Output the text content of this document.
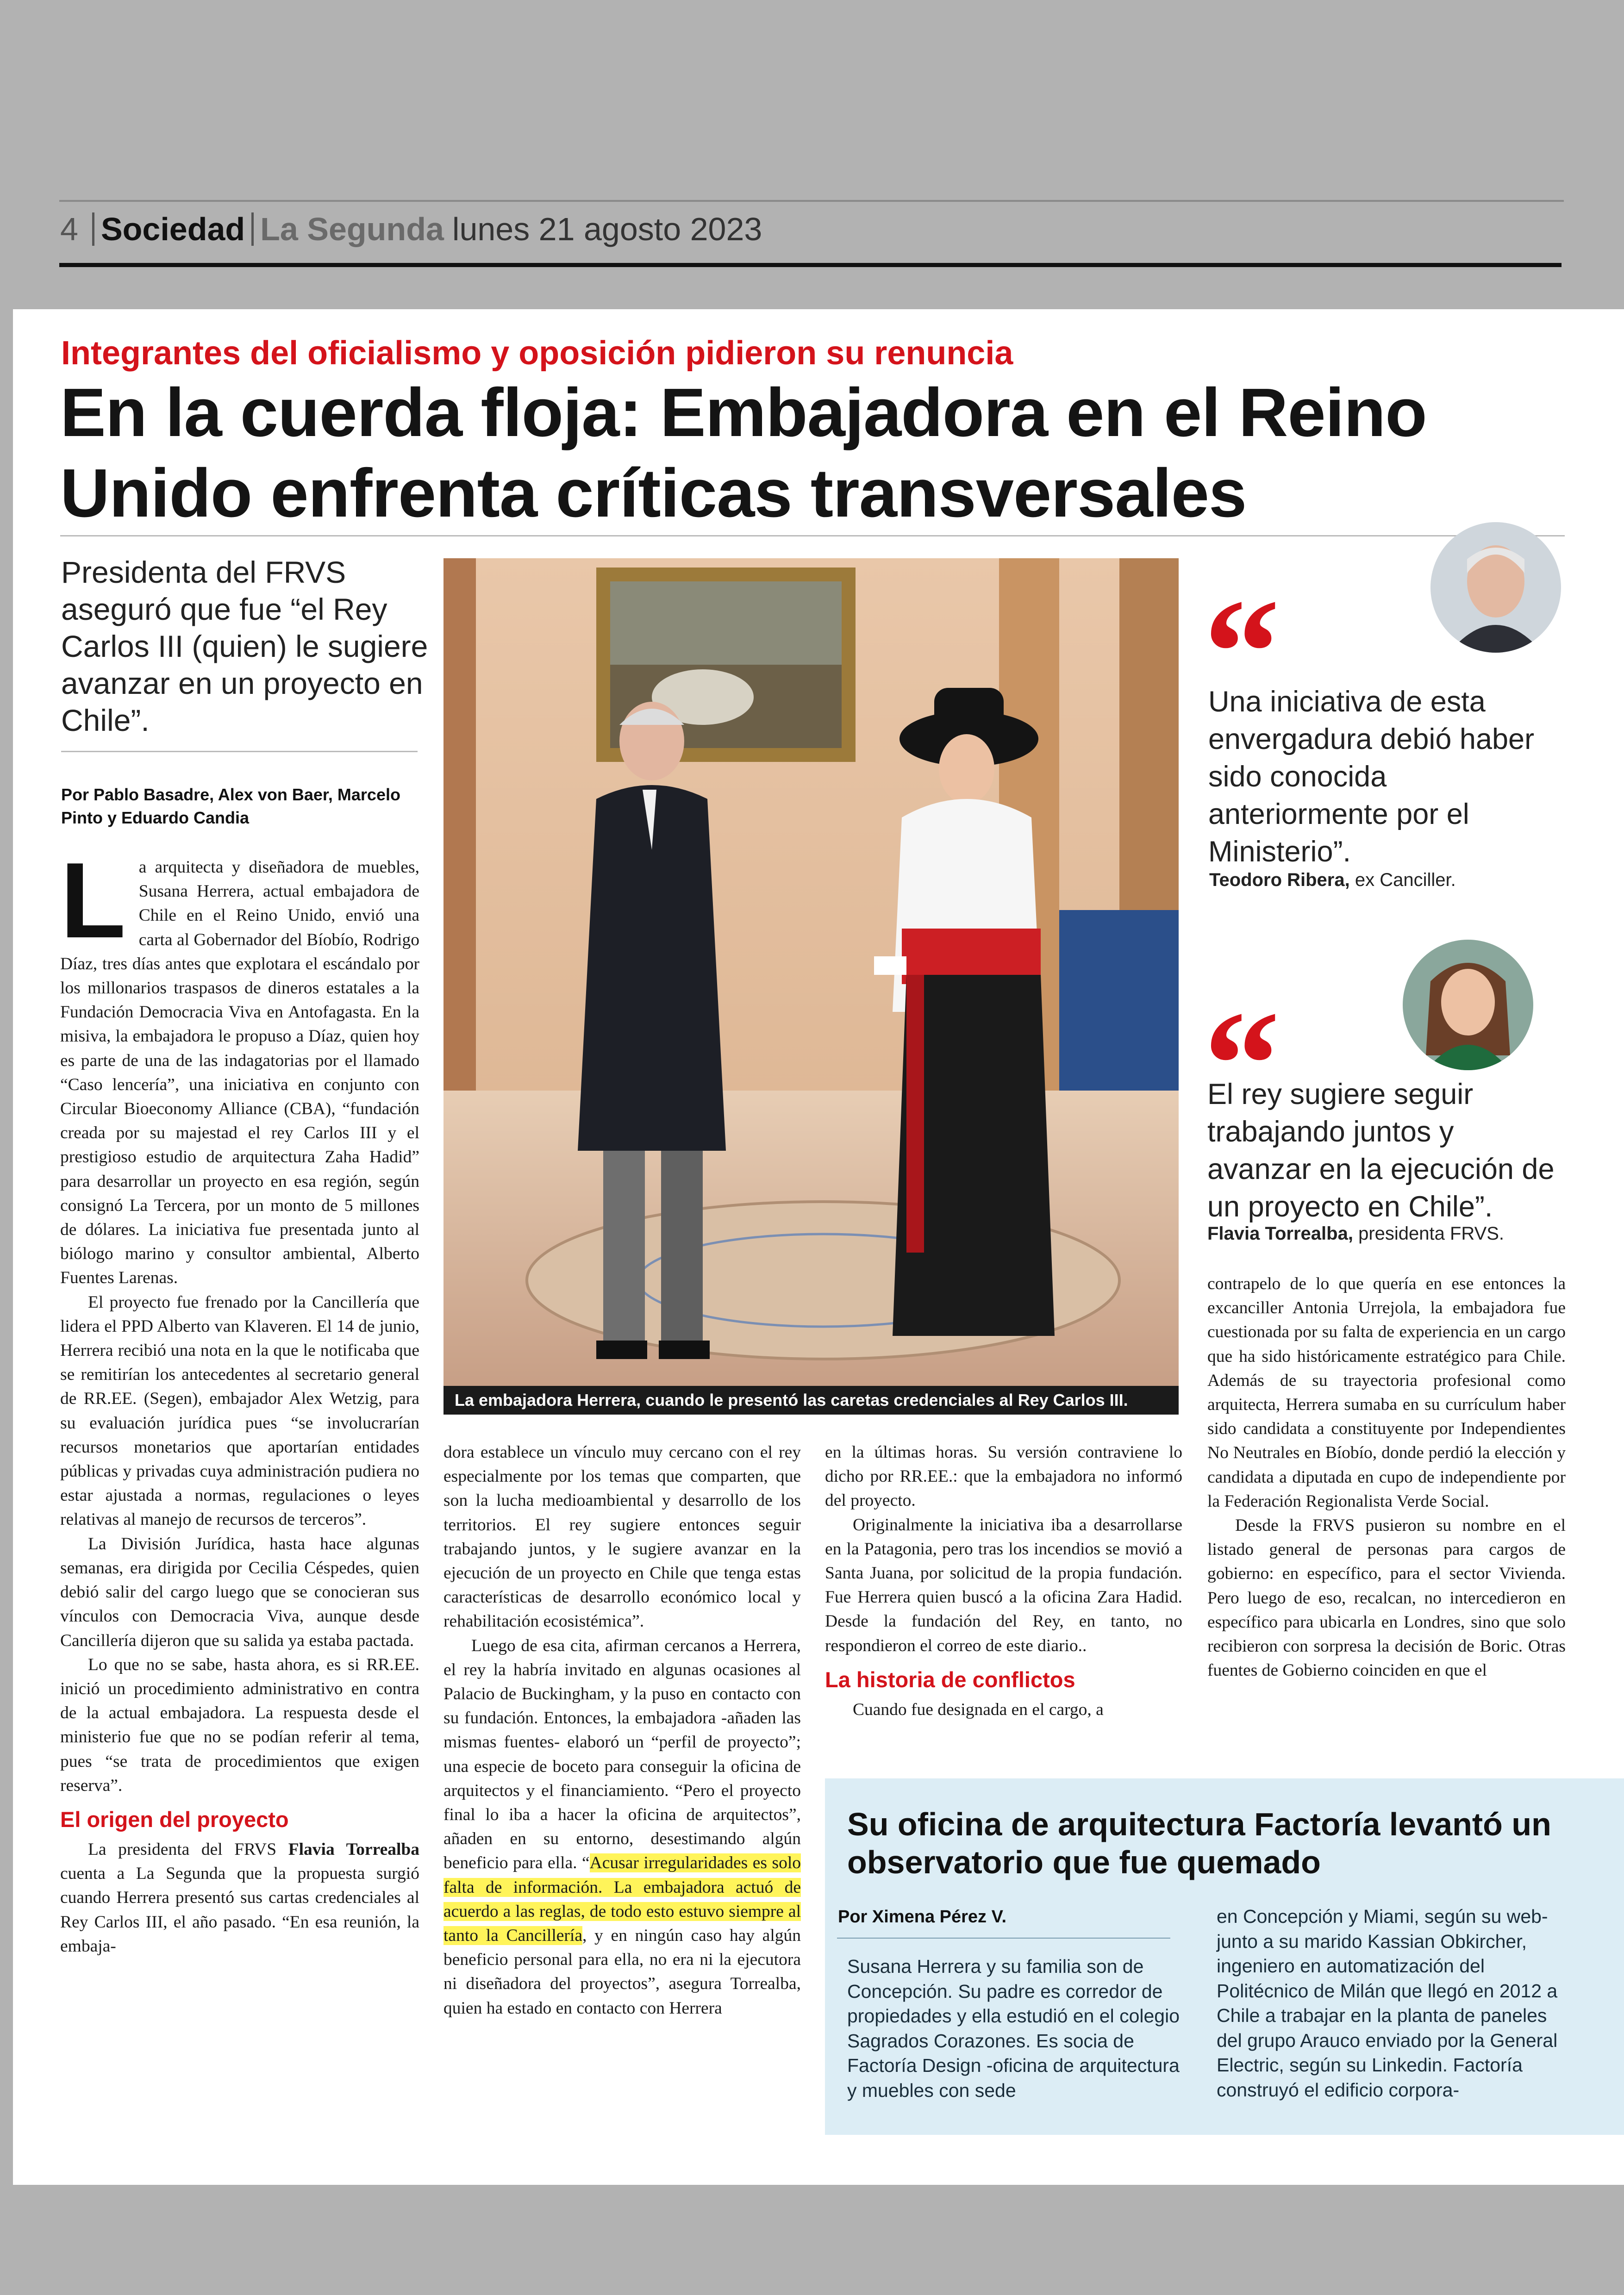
4 Sociedad La Segunda lunes 21 agosto 2023
Integrantes del oficialismo y oposición pidieron su renuncia
En la cuerda floja: Embajadora en el Reino Unido enfrenta críticas transversales
Presidenta del FRVS aseguró que fue “el Rey Carlos III (quien) le sugiere avanzar en un proyecto en Chile”.
Por Pablo Basadre, Alex von Baer, Marcelo Pinto y Eduardo Candia

La arquitecta y diseñadora de muebles, Susana Herrera, actual embajadora de Chile en el Reino Unido, envió una carta al Gobernador del Bíobío, Rodrigo Díaz, tres días antes que explotara el escándalo por los millonarios traspasos de dineros estatales a la Fundación Democracia Viva en Antofagasta. En la misiva, la embajadora le propuso a Díaz, quien hoy es parte de una de las indagatorias por el llamado “Caso lencería”, una iniciativa en conjunto con Circular Bioeconomy Alliance (CBA), “fundación creada por su majestad el rey Carlos III y el prestigioso estudio de arquitectura Zaha Hadid” para desarrollar un proyecto en esa región, según consignó La Tercera, por un monto de 5 millones de dólares. La iniciativa fue presentada junto al biólogo marino y consultor ambiental, Alberto Fuentes Larenas.

El proyecto fue frenado por la Cancillería que lidera el PPD Alberto van Klaveren. El 14 de junio, Herrera recibió una nota en la que le notificaba que se remitirían los antecedentes al secretario general de RR.EE. (Segen), embajador Alex Wetzig, para su evaluación jurídica pues “se involucrarían recursos monetarios que aportarían entidades públicas y privadas cuya administración pudiera no estar ajustada a normas, regulaciones o leyes relativas al manejo de recursos de terceros”.

La División Jurídica, hasta hace algunas semanas, era dirigida por Cecilia Céspedes, quien debió salir del cargo luego que se conocieran sus vínculos con Democracia Viva, aunque desde Cancillería dijeron que su salida ya estaba pactada.

Lo que no se sabe, hasta ahora, es si RR.EE. inició un procedimiento administrativo en contra de la actual embajadora. La respuesta desde el ministerio fue que no se podían referir al tema, pues “se trata de procedimientos que exigen reserva”.

El origen del proyecto

La presidenta del FRVS Flavia Torrealba cuenta a La Segunda que la propuesta surgió cuando Herrera presentó sus cartas credenciales al Rey Carlos III, el año pasado. “En esa reunión, la embaja-

La embajadora Herrera, cuando le presentó las caretas credenciales al Rey Carlos III.

dora establece un vínculo muy cercano con el rey especialmente por los temas que comparten, que son la lucha medioambiental y desarrollo de los territorios. El rey sugiere entonces seguir trabajando juntos, y le sugiere avanzar en la ejecución de un proyecto en Chile que tenga estas características de desarrollo económico local y rehabilitación ecosistémica”.

Luego de esa cita, afirman cercanos a Herrera, el rey la habría invitado en algunas ocasiones al Palacio de Buckingham, y la puso en contacto con su fundación. Entonces, la embajadora -añaden las mismas fuentes- elaboró un “perfil de proyecto”; una especie de boceto para conseguir la oficina de arquitectos y el financiamiento. “Pero el proyecto final lo iba a hacer la oficina de arquitectos”, añaden en su entorno, desestimando algún beneficio para ella. “Acusar irregularidades es solo falta de información. La embajadora actuó de acuerdo a las reglas, de todo esto estuvo siempre al tanto la Cancillería, y en ningún caso hay algún beneficio personal para ella, no era ni la ejecutora ni diseñadora del proyectos”, asegura Torrealba, quien ha estado en contacto con Herrera

en la últimas horas. Su versión contraviene lo dicho por RR.EE.: que la embajadora no informó del proyecto.

Originalmente la iniciativa iba a desarrollarse en la Patagonia, pero tras los incendios se movió a Santa Juana, por solicitud de la propia fundación. Fue Herrera quien buscó a la oficina Zara Hadid. Desde la fundación del Rey, en tanto, no respondieron el correo de este diario..

La historia de conflictos

Cuando fue designada en el cargo, a

“
Una iniciativa de esta envergadura debió haber sido conocida anteriormente por el Ministerio”.
Teodoro Ribera, ex Canciller.
“
El rey sugiere seguir trabajando juntos y avanzar en la ejecución de un proyecto en Chile”.
Flavia Torrealba, presidenta FRVS.

contrapelo de lo que quería en ese entonces la excanciller Antonia Urrejola, la embajadora fue cuestionada por su falta de experiencia en un cargo que ha sido históricamente estratégico para Chile. Además de su trayectoria profesional como arquitecta, Herrera sumaba en su currículum haber sido candidata a constituyente por Independientes No Neutrales en Bíobío, donde perdió la elección y candidata a diputada en cupo de independiente por la Federación Regionalista Verde Social.

Desde la FRVS pusieron su nombre en el listado general de personas para cargos de gobierno: en específico, para el sector Vivienda. Pero luego de eso, recalcan, no intercedieron en específico para ubicarla en Londres, sino que solo recibieron con sorpresa la decisión de Boric. Otras fuentes de Gobierno coinciden en que el

Su oficina de arquitectura Factoría levantó un observatorio que fue quemado
Por Ximena Pérez V.
Susana Herrera y su familia son de Concepción. Su padre es corredor de propiedades y ella estudió en el colegio Sagrados Corazones. Es socia de Factoría Design -oficina de arquitectura y muebles con sede
en Concepción y Miami, según su web- junto a su marido Kassian Obkircher, ingeniero en automatización del Politécnico de Milán que llegó en 2012 a Chile a trabajar en la planta de paneles del grupo Arauco enviado por la General Electric, según su Linkedin. Factoría construyó el edificio corpora-
